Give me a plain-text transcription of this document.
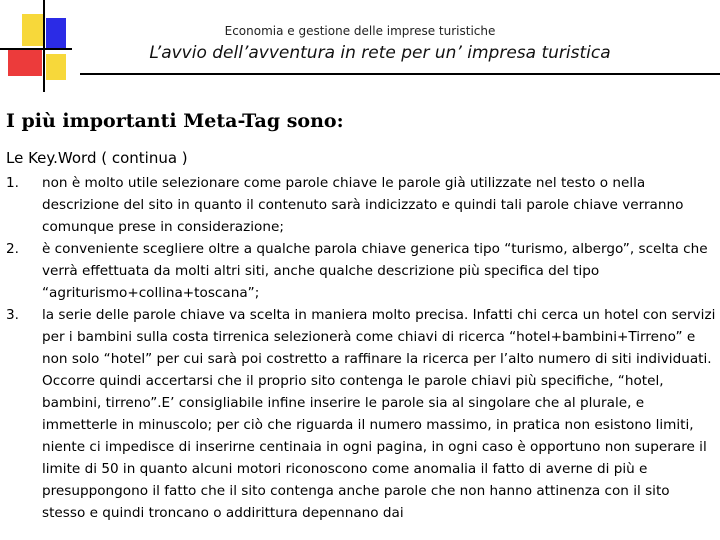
Economia e gestione delle imprese turistiche
L’avvio dell’avventura in rete per un’ impresa turistica
I più importanti Meta-Tag sono:
Le Key.Word ( continua )
1.	non è molto utile selezionare come parole chiave le parole già utilizzate nel testo o nella descrizione del sito in quanto il contenuto sarà indicizzato e quindi tali parole chiave verranno comunque prese in considerazione;
2.	è conveniente scegliere oltre a qualche parola chiave generica tipo “turismo, albergo”, scelta che verrà effettuata da molti altri siti, anche qualche descrizione più specifica del tipo “agriturismo+collina+toscana”;
3.	la serie delle parole chiave va scelta in maniera molto precisa. Infatti chi cerca un hotel con servizi per i bambini sulla costa tirrenica selezionerà come chiavi di ricerca “hotel+bambini+Tirreno” e non solo “hotel” per cui sarà poi costretto a raffinare la ricerca per l’alto numero di siti individuati. Occorre quindi accertarsi che il proprio sito contenga le parole chiavi più specifiche, “hotel, bambini, tirreno”.E’ consigliabile infine inserire le parole sia al singolare che al plurale, e immetterle in minuscolo; per ciò che riguarda il numero massimo, in pratica non esistono limiti, niente ci impedisce di inserirne centinaia in ogni pagina, in ogni caso è opportuno non superare il limite di 50 in quanto alcuni motori riconoscono come anomalia il fatto di averne di più e presuppongono il fatto che il sito contenga anche parole che non hanno attinenza con il sito stesso e quindi troncano o addirittura depennano dai
